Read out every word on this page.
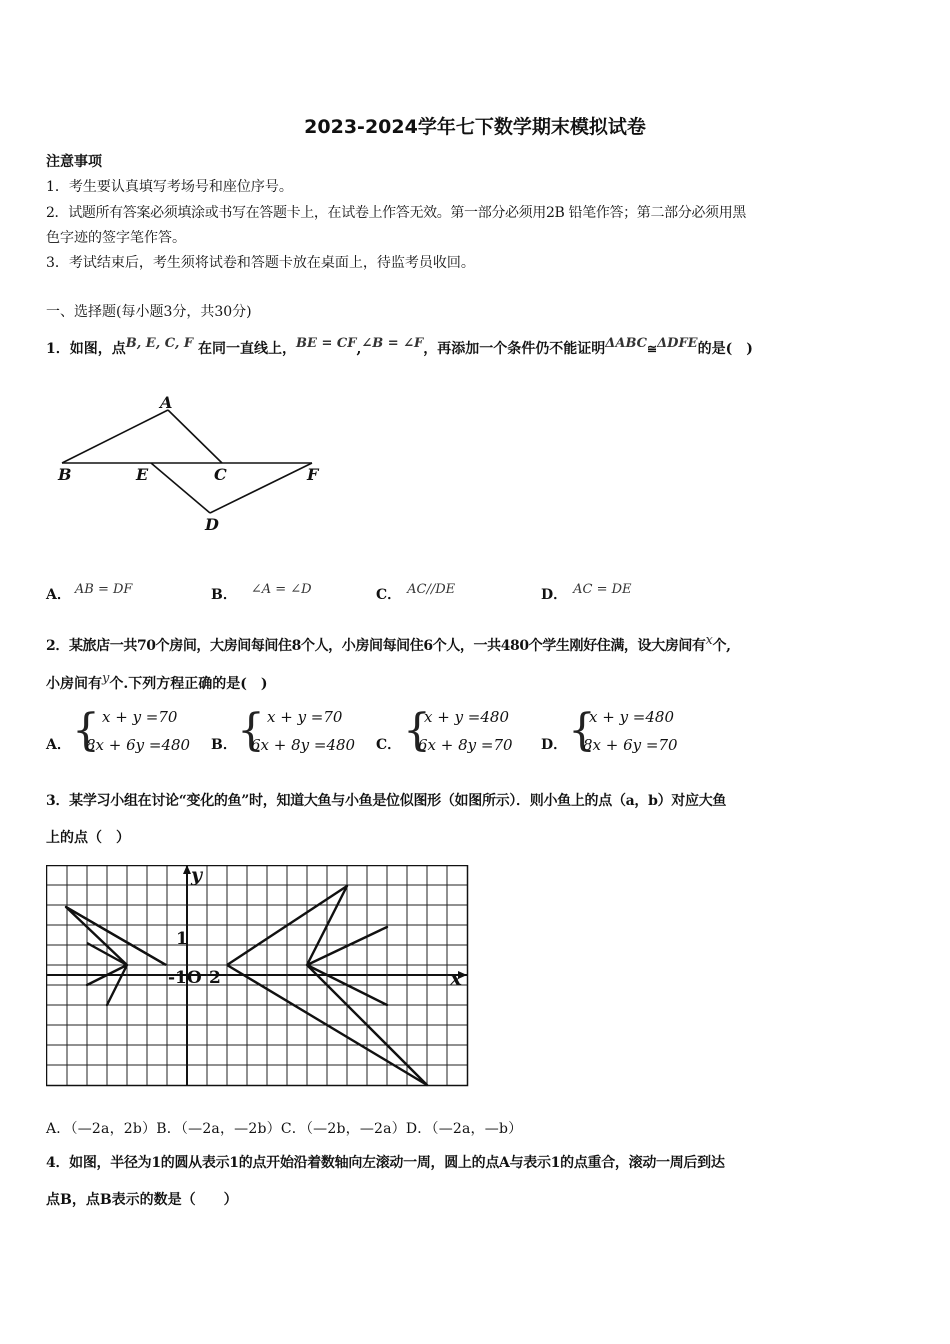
2023-2024学年七下数学期末模拟试卷
注意事项
1．考生要认真填写考场号和座位序号。
2．试题所有答案必须填涂或书写在答题卡上，在试卷上作答无效。第一部分必须用2B 铅笔作答；第二部分必须用黑
色字迹的签字笔作答。
3．考试结束后，考生须将试卷和答题卡放在桌面上，待监考员收回。
一、选择题(每小题3分，共30分)
1．如图，点B, E, C, F 在同一直线上，BE = CF,∠B = ∠F，再添加一个条件仍不能证明ΔABC≅ΔDFE的是(　)
A
B	E	C	F
D
A． AB = DF	B． ∠A = ∠D	C． AC//DE	D． AC = DE
2．某旅店一共70个房间，大房间每间住8个人，小房间每间住6个人，一共480个学生刚好住满，设大房间有x个,
小房间有y个.下列方程正确的是(　)
A． { x + y =70
8x + 6y =480 B． { x + y =70
6x + 8y =480 C． {
x + y =480
6x + 8y =70 D． {
x + y =480
8x + 6y =70
3．某学习小组在讨论“变化的鱼”时，知道大鱼与小鱼是位似图形（如图所示）．则小鱼上的点（a，b）对应大鱼
上的点（　）
y
x
1
-1O 2
A．（—2a，2b）B．（—2a，—2b）C．（—2b，—2a）D．（—2a，—b）
4．如图，半径为1的圆从表示1的点开始沿着数轴向左滚动一周，圆上的点A与表示1的点重合，滚动一周后到达
点B，点B表示的数是（　　）
